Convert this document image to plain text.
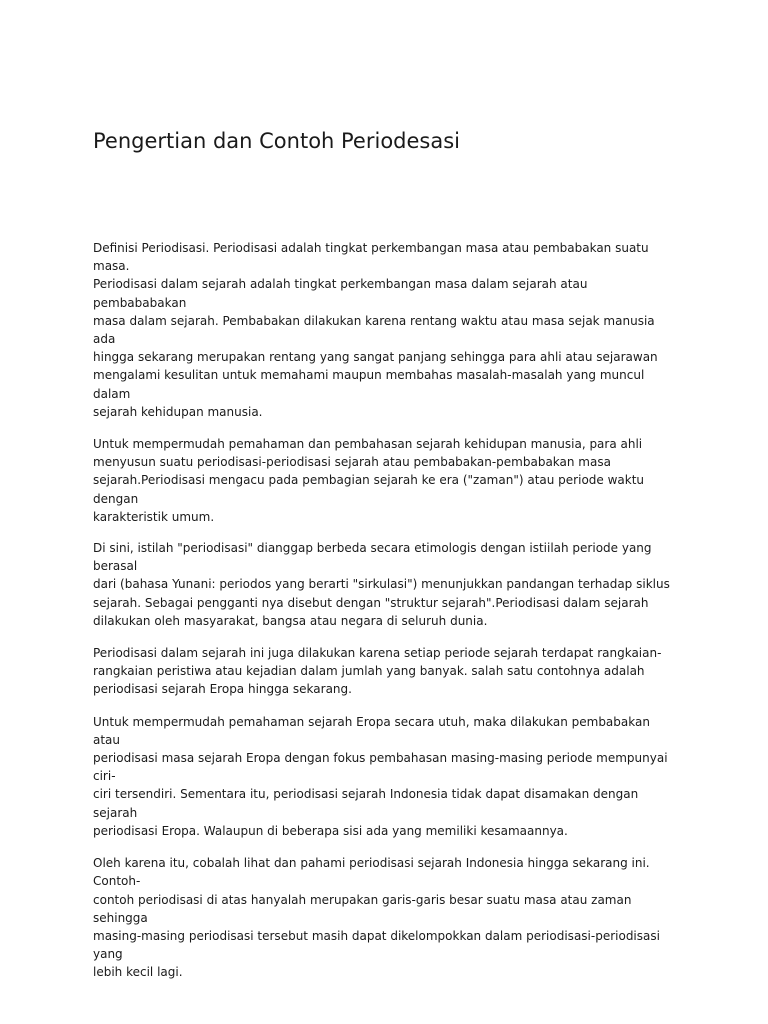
Pengertian dan Contoh Periodesasi

Definisi Periodisasi. Periodisasi adalah tingkat perkembangan masa atau pembabakan suatu masa.
Periodisasi dalam sejarah adalah tingkat perkembangan masa dalam sejarah atau pembababakan
masa dalam sejarah. Pembabakan dilakukan karena rentang waktu atau masa sejak manusia ada
hingga sekarang merupakan rentang yang sangat panjang sehingga para ahli atau sejarawan
mengalami kesulitan untuk memahami maupun membahas masalah-masalah yang muncul dalam
sejarah kehidupan manusia.

Untuk mempermudah pemahaman dan pembahasan sejarah kehidupan manusia, para ahli
menyusun suatu periodisasi-periodisasi sejarah atau pembabakan-pembabakan masa
sejarah.Periodisasi mengacu pada pembagian sejarah ke era ("zaman") atau periode waktu dengan
karakteristik umum.

Di sini, istilah "periodisasi" dianggap berbeda secara etimologis dengan istiilah periode yang berasal
dari (bahasa Yunani: periodos yang berarti "sirkulasi") menunjukkan pandangan terhadap siklus
sejarah. Sebagai pengganti nya disebut dengan "struktur sejarah".Periodisasi dalam sejarah
dilakukan oleh masyarakat, bangsa atau negara di seluruh dunia.

Periodisasi dalam sejarah ini juga dilakukan karena setiap periode sejarah terdapat rangkaian-
rangkaian peristiwa atau kejadian dalam jumlah yang banyak. salah satu contohnya adalah
periodisasi sejarah Eropa hingga sekarang.

Untuk mempermudah pemahaman sejarah Eropa secara utuh, maka dilakukan pembabakan atau
periodisasi masa sejarah Eropa dengan fokus pembahasan masing-masing periode mempunyai ciri-
ciri tersendiri. Sementara itu, periodisasi sejarah Indonesia tidak dapat disamakan dengan sejarah
periodisasi Eropa. Walaupun di beberapa sisi ada yang memiliki kesamaannya.

Oleh karena itu, cobalah lihat dan pahami periodisasi sejarah Indonesia hingga sekarang ini. Contoh-
contoh periodisasi di atas hanyalah merupakan garis-garis besar suatu masa atau zaman sehingga
masing-masing periodisasi tersebut masih dapat dikelompokkan dalam periodisasi-periodisasi yang
lebih kecil lagi.
